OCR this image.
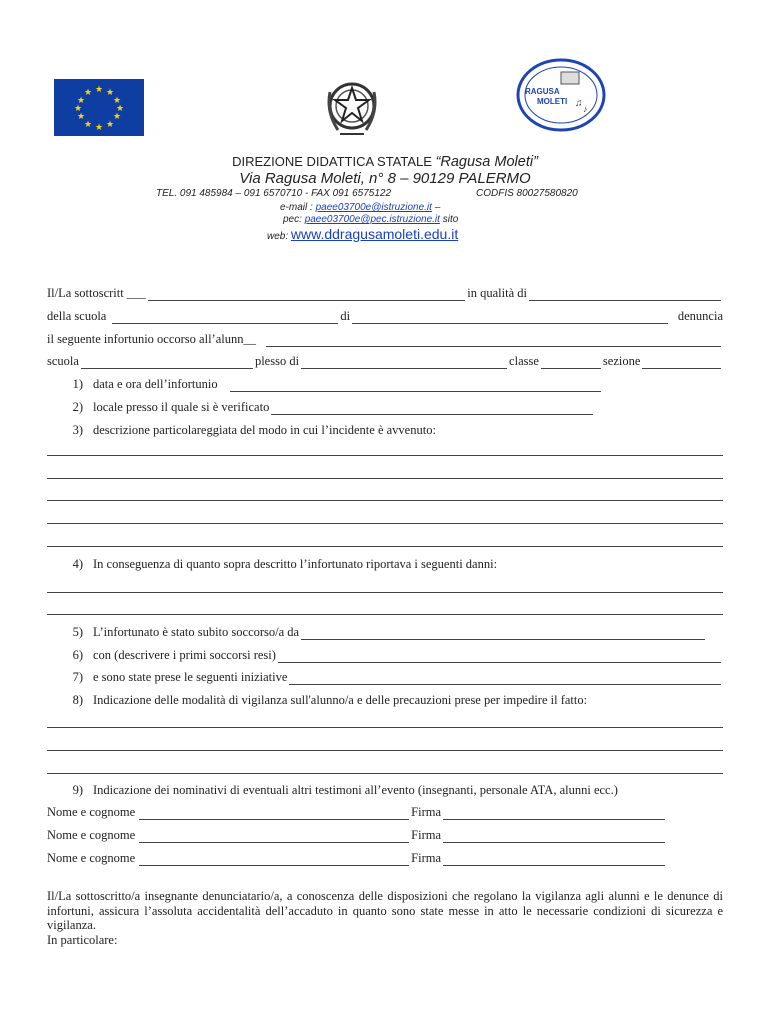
★ ★
★
★
★
★
★
★
★
★
★
★	RAGUSA
MOLETI ♫ ♪
DIREZIONE DIDATTICA STATALE “Ragusa Moleti”
Via Ragusa Moleti, n° 8 – 90129 PALERMO
TEL. 091 485984 – 091 6570710 - FAX 091 6575122	CODFIS 80027580820
e-mail : paee03700e@istruzione.it –
pec: paee03700e@pec.istruzione.it sito
web: www.ddragusamoleti.edu.it
Il/La sottoscritt ___	in qualità di
della scuola	di	denuncia
il seguente infortunio occorso all’alunn__
scuola	plesso di	classe	sezione
1) data e ora dell’infortunio
2) locale presso il quale si è verificato
3) descrizione particolareggiata del modo in cui l’incidente è avvenuto:
4) In conseguenza di quanto sopra descritto l’infortunato riportava i seguenti danni:
5) L’infortunato è stato subito soccorso/a da
6) con (descrivere i primi soccorsi resi)
7) e sono state prese le seguenti iniziative
8) Indicazione delle modalità di vigilanza sull'alunno/a e delle precauzioni prese per impedire il fatto:
9) Indicazione dei nominativi di eventuali altri testimoni all’evento (insegnanti, personale ATA, alunni ecc.)
Nome e cognome	Firma
Nome e cognome	Firma
Nome e cognome	Firma
Il/La sottoscritto/a insegnante denunciatario/a, a conoscenza delle disposizioni che regolano la vigilanza agli alunni e le denunce di infortuni, assicura l’assoluta accidentalità dell’accaduto in quanto sono state messe in atto le necessarie condizioni di sicurezza e vigilanza.
In particolare:
